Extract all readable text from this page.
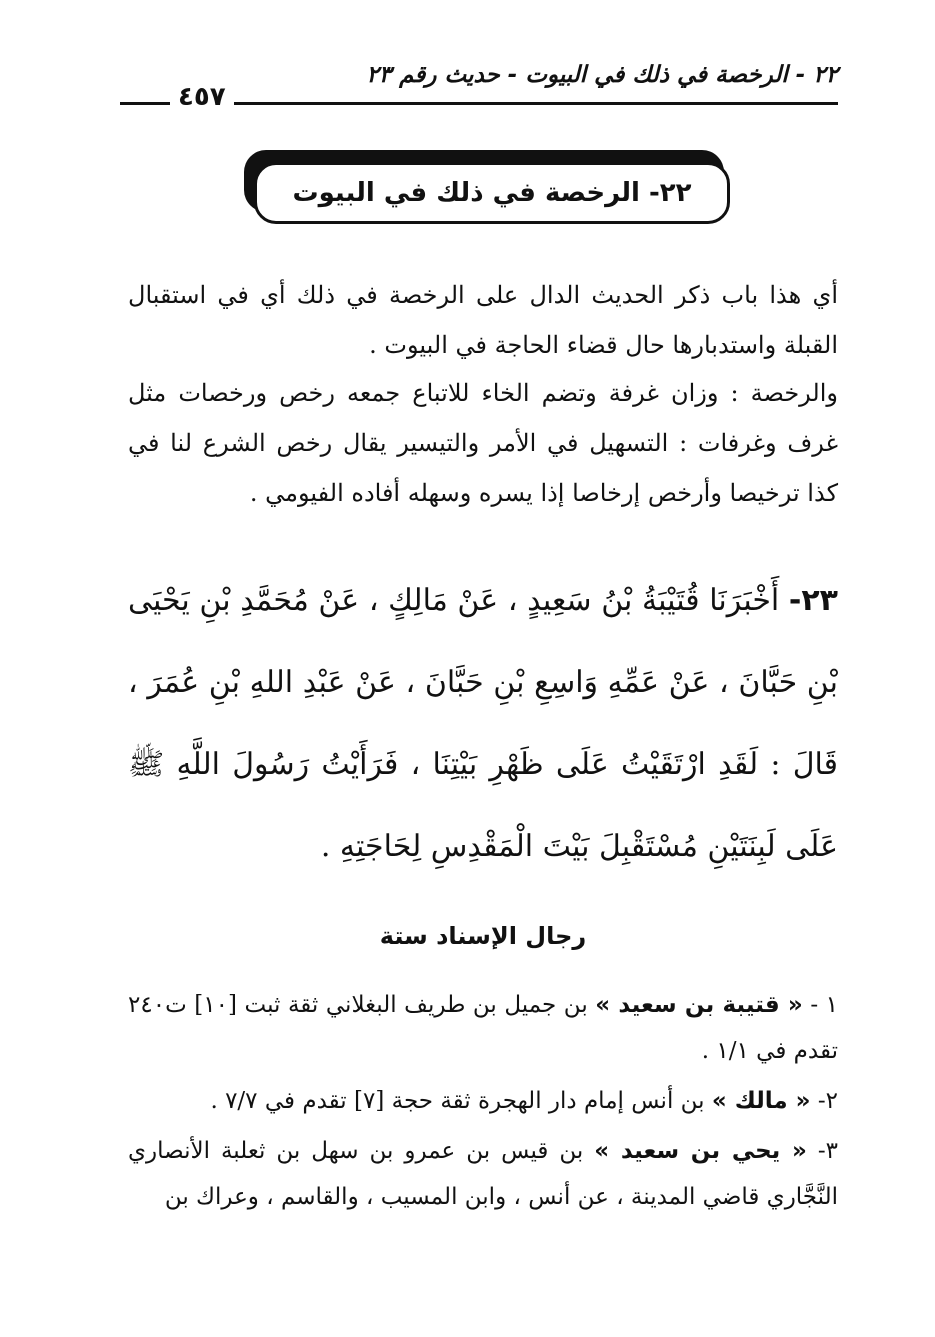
٢٢ - الرخصة في ذلك في البيوت - حديث رقم ٢٣
٤٥٧
٢٢- الرخصة في ذلك في البيوت

أي هذا باب ذكر الحديث الدال على الرخصة في ذلك أي في استقبال القبلة واستدبارها حال قضاء الحاجة في البيوت .

والرخصة : وزان غرفة وتضم الخاء للاتباع جمعه رخص ورخصات مثل غرف وغرفات : التسهيل في الأمر والتيسير يقال رخص الشرع لنا في كذا ترخيصا وأرخص إرخاصا إذا يسره وسهله أفاده الفيومي .

٢٣- أَخْبَرَنَا قُتَيْبَةُ بْنُ سَعِيدٍ ، عَنْ مَالِكٍ ، عَنْ مُحَمَّدِ بْنِ يَحْيَى بْنِ حَبَّانَ ، عَنْ عَمِّهِ وَاسِعِ بْنِ حَبَّانَ ، عَنْ عَبْدِ اللهِ بْنِ عُمَرَ ، قَالَ : لَقَدِ ارْتَقَيْتُ عَلَى ظَهْرِ بَيْتِنَا ، فَرَأَيْتُ رَسُولَ اللَّهِ ﷺ عَلَى لَبِنَتَيْنِ مُسْتَقْبِلَ بَيْتَ الْمَقْدِسِ لِحَاجَتِهِ .
رجال الإسناد ستة
١ - « قتيبة بن سعيد » بن جميل بن طريف البغلاني ثقة ثبت [١٠] ت٢٤٠ تقدم في ١/١ .
٢- « مالك » بن أنس إمام دار الهجرة ثقة حجة [٧] تقدم في ٧/٧ .
٣- « يحي بن سعيد » بن قيس بن عمرو بن سهل بن ثعلبة الأنصاري النَّجَّاري قاضي المدينة ، عن أنس ، وابن المسيب ، والقاسم ، وعراك بن
